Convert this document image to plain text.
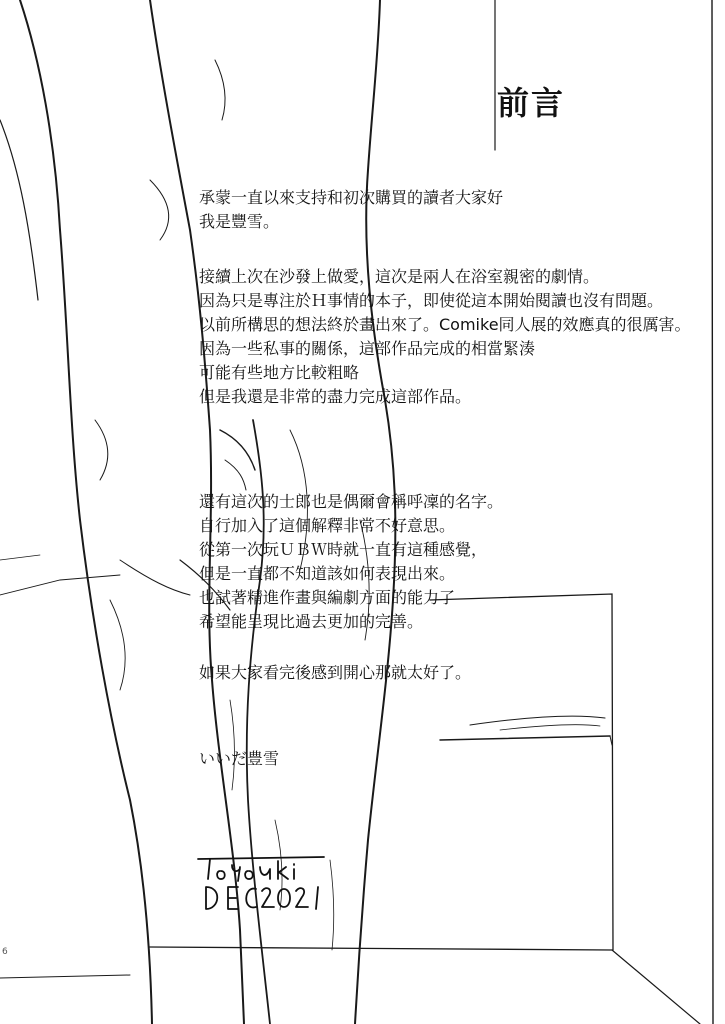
前言
承蒙一直以來支持和初次購買的讀者大家好
我是豐雪。
接續上次在沙發上做愛，這次是兩人在浴室親密的劇情。
因為只是專注於Ｈ事情的本子，即使從這本開始閱讀也沒有問題。
以前所構思的想法終於畫出來了。Comike同人展的效應真的很厲害。
因為一些私事的關係，這部作品完成的相當緊湊
可能有些地方比較粗略
但是我還是非常的盡力完成這部作品。
還有這次的士郎也是偶爾會稱呼凜的名字。
自行加入了這個解釋非常不好意思。
從第一次玩ＵＢＷ時就一直有這種感覺，
但是一直都不知道該如何表現出來。
也試著精進作畫與編劇方面的能力了
希望能呈現比過去更加的完善。
如果大家看完後感到開心那就太好了。
いいだ豊雪
6
